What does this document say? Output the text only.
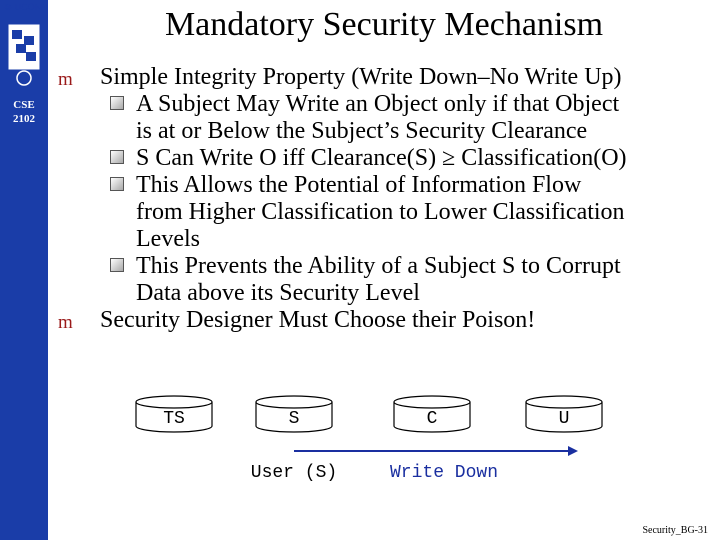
CSE
2102
⚙ UCONN	Mandatory Security Mechanism
m Simple Integrity Property (Write Down–No Write Up)
A Subject May Write an Object only if that Object
is at or Below the Subject’s Security Clearance
S Can Write O iff Clearance(S) ≥ Classification(O)
This Allows the Potential of Information Flow
from Higher Classification to Lower Classification
Levels
This Prevents the Ability of a Subject S to Corrupt
Data above its Security Level
m Security Designer Must Choose their Poison!
TS	S	C	U
User (S)	Write Down
Security_BG-31
